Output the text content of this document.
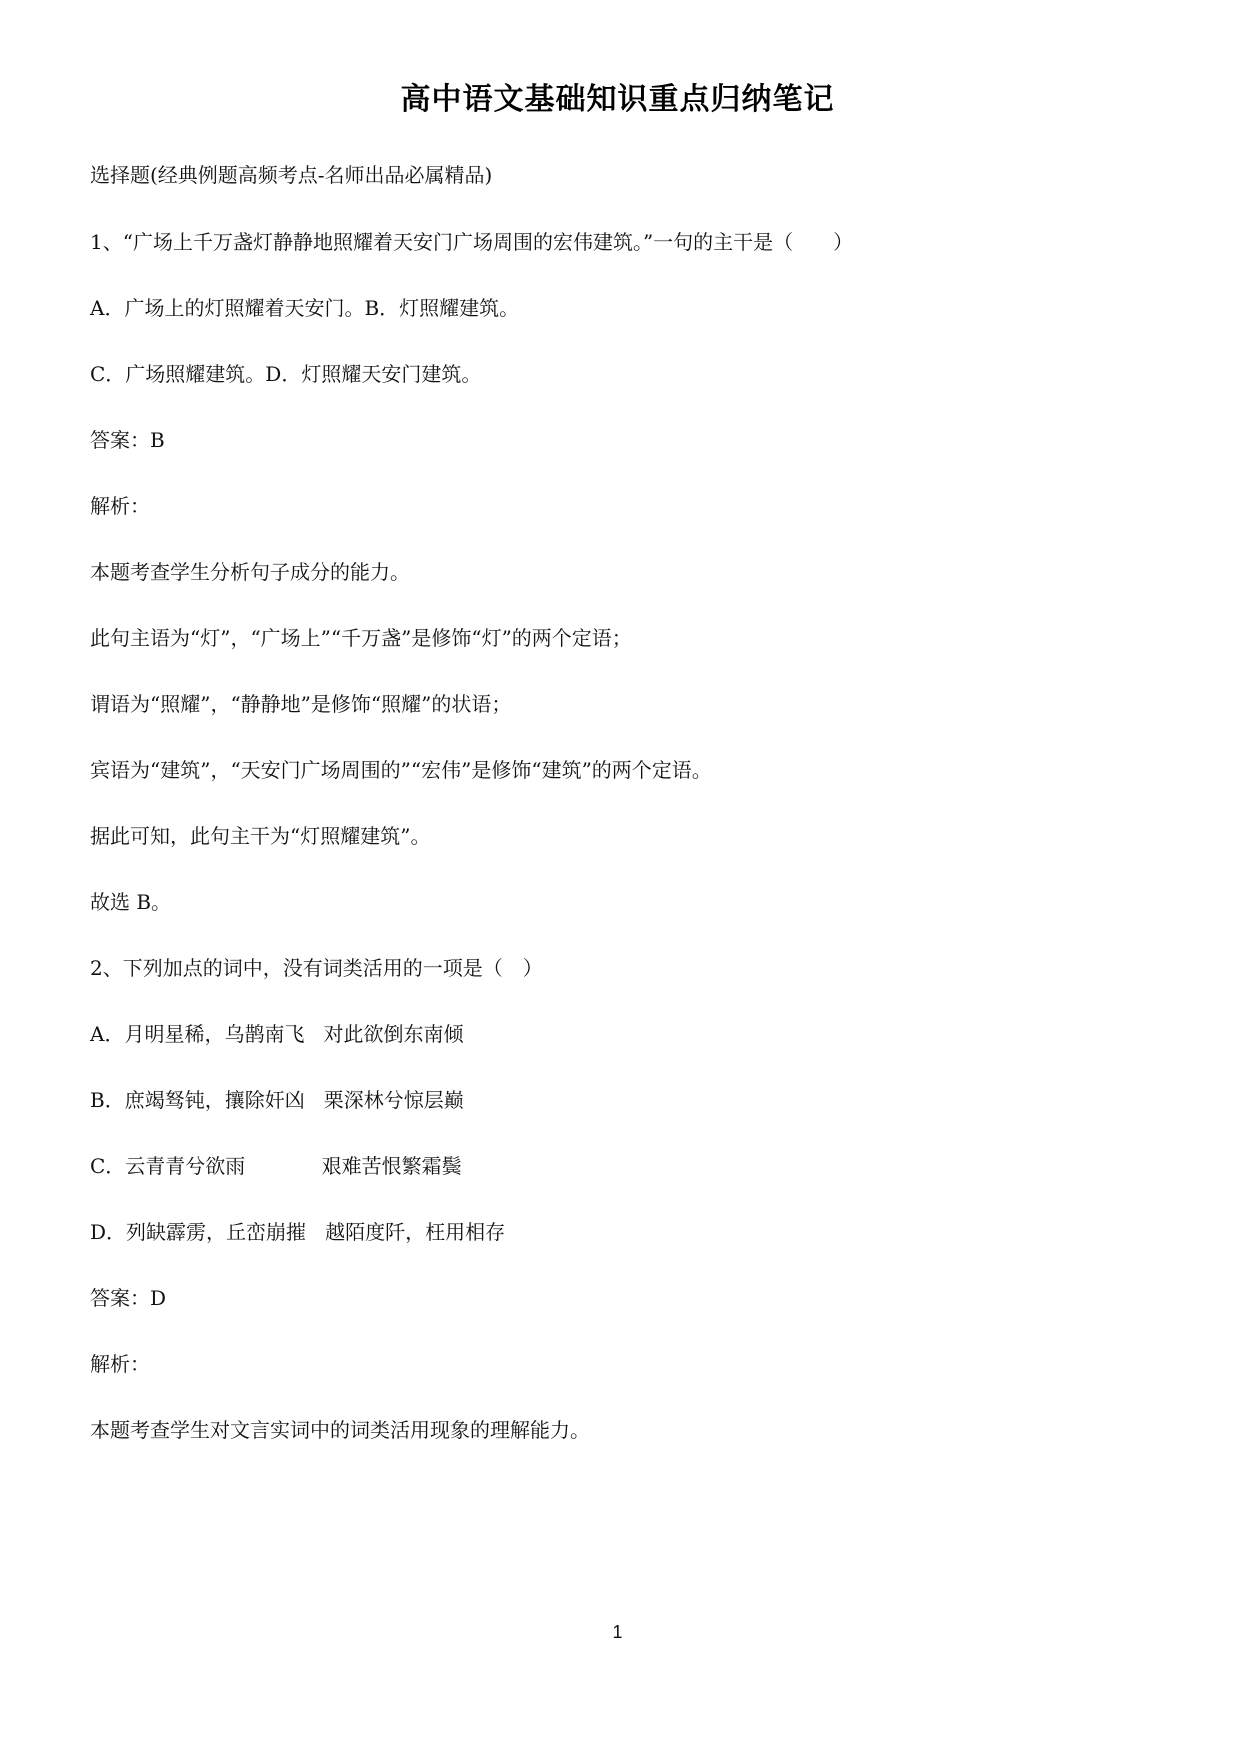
高中语文基础知识重点归纳笔记
选择题(经典例题高频考点-名师出品必属精品)
1、“广场上千万盏灯静静地照耀着天安门广场周围的宏伟建筑。”一句的主干是（　　）
A．广场上的灯照耀着天安门。B．灯照耀建筑。
C．广场照耀建筑。D．灯照耀天安门建筑。
答案：B
解析：
本题考查学生分析句子成分的能力。
此句主语为“灯”，“广场上”“千万盏”是修饰“灯”的两个定语；
谓语为“照耀”，“静静地”是修饰“照耀”的状语；
宾语为“建筑”，“天安门广场周围的”“宏伟”是修饰“建筑”的两个定语。
据此可知，此句主干为“灯照耀建筑”。
故选 B。
2、下列加点的词中，没有词类活用的一项是（　）
A．月明星稀，乌鹊南飞   对此欲倒东南倾
B．庶竭驽钝，攘除奸凶   栗深林兮惊层巅
C．云青青兮欲雨            艰难苦恨繁霜鬓
D．列缺霹雳，丘峦崩摧   越陌度阡，枉用相存
答案：D
解析：
本题考查学生对文言实词中的词类活用现象的理解能力。
1
